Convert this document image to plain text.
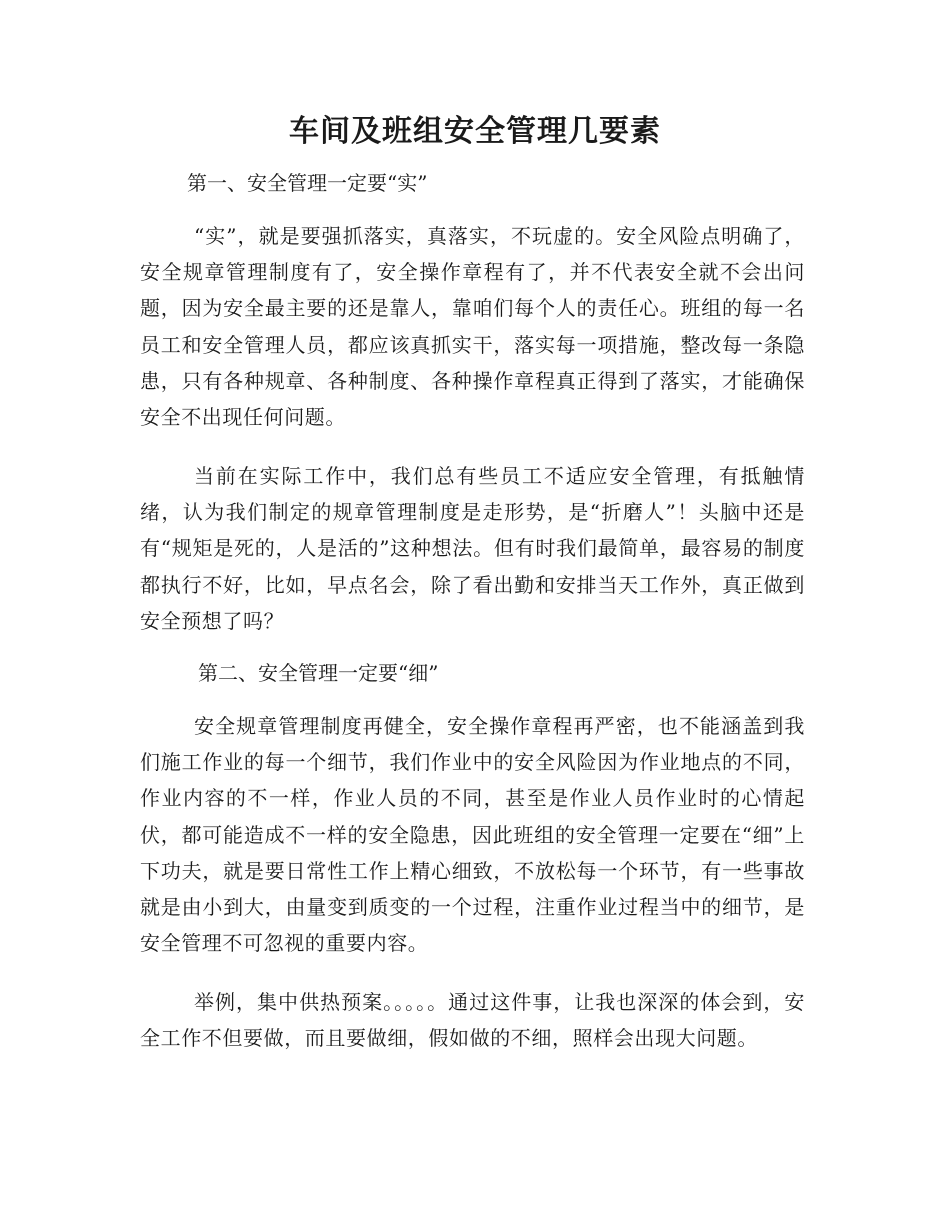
车间及班组安全管理几要素

第一、安全管理一定要“实”

“实”，就是要强抓落实，真落实，不玩虚的。安全风险点明确了，安全规章管理制度有了，安全操作章程有了，并不代表安全就不会出问题，因为安全最主要的还是靠人，靠咱们每个人的责任心。班组的每一名员工和安全管理人员，都应该真抓实干，落实每一项措施，整改每一条隐患，只有各种规章、各种制度、各种操作章程真正得到了落实，才能确保安全不出现任何问题。

当前在实际工作中，我们总有些员工不适应安全管理，有抵触情绪，认为我们制定的规章管理制度是走形势，是“折磨人”！头脑中还是有“规矩是死的，人是活的”这种想法。但有时我们最简单，最容易的制度都执行不好，比如，早点名会，除了看出勤和安排当天工作外，真正做到安全预想了吗？

第二、安全管理一定要“细”

安全规章管理制度再健全，安全操作章程再严密，也不能涵盖到我们施工作业的每一个细节，我们作业中的安全风险因为作业地点的不同，作业内容的不一样，作业人员的不同，甚至是作业人员作业时的心情起伏，都可能造成不一样的安全隐患，因此班组的安全管理一定要在“细”上下功夫，就是要日常性工作上精心细致，不放松每一个环节，有一些事故就是由小到大，由量变到质变的一个过程，注重作业过程当中的细节，是安全管理不可忽视的重要内容。

举例，集中供热预案。。。。。通过这件事，让我也深深的体会到，安全工作不但要做，而且要做细，假如做的不细，照样会出现大问题。
